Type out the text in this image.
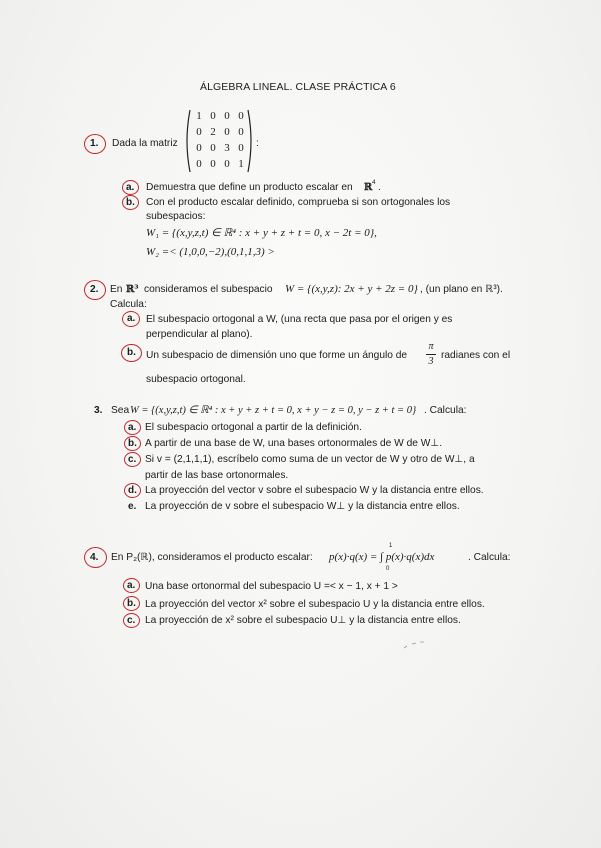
ÁLGEBRA LINEAL. CLASE PRÁCTICA 6
1. Dada la matriz
1 0 0 0
0 2 0 0
0 0 3 0
0 0 0 1
:
a. Demuestra que define un producto escalar en ℝ 4 .
b. Con el producto escalar definido, comprueba si son ortogonales los
subespacios:
W₁ = {(x,y,z,t) ∈ ℝ⁴ : x + y + z + t = 0, x − 2t = 0},
W₂ =< (1,0,0,−2),(0,1,1,3) >
2. En ℝ³ consideramos el subespacio W = {(x,y,z): 2x + y + 2z = 0} , (un plano en ℝ³).
Calcula:
a. El subespacio ortogonal a W, (una recta que pasa por el origen y es
perpendicular al plano).
b. Un subespacio de dimensión uno que forme un ángulo de
π
3
radianes con el
subespacio ortogonal.
3. Sea W = {(x,y,z,t) ∈ ℝ⁴ : x + y + z + t = 0, x + y − z = 0, y − z + t = 0} . Calcula:
a. El subespacio ortogonal a partir de la definición.
b. A partir de una base de W, una bases ortonormales de W de W⊥.
c. Si v = (2,1,1,1), escríbelo como suma de un vector de W y otro de W⊥, a
partir de las base ortonormales.
d. La proyección del vector v sobre el subespacio W y la distancia entre ellos.
e. La proyección de v sobre el subespacio W⊥ y la distancia entre ellos.
4. En P₂(ℝ), consideramos el producto escalar: p(x)·q(x) = ∫ p(x)·q(x)dx
1
0
. Calcula:
a. Una base ortonormal del subespacio U =< x − 1, x + 1 >
b. La proyección del vector x² sobre el subespacio U y la distancia entre ellos.
c. La proyección de x² sobre el subespacio U⊥ y la distancia entre ellos.
